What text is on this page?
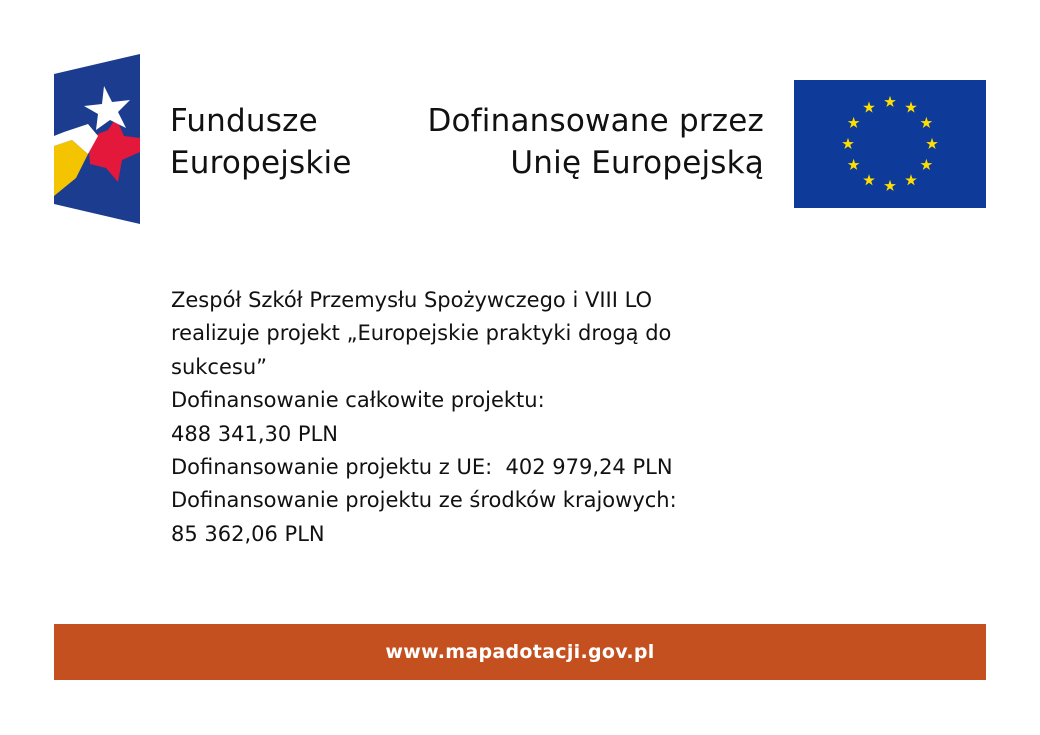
Fundusze
Europejskie
Dofinansowane przez
Unię Europejską
Zespół Szkół Przemysłu Spożywczego i VIII LO
realizuje projekt „Europejskie praktyki drogą do
sukcesu”
Dofinansowanie całkowite projektu:
488 341,30 PLN
Dofinansowanie projektu z UE:  402 979,24 PLN
Dofinansowanie projektu ze środków krajowych:
85 362,06 PLN
www.mapadotacji.gov.pl
